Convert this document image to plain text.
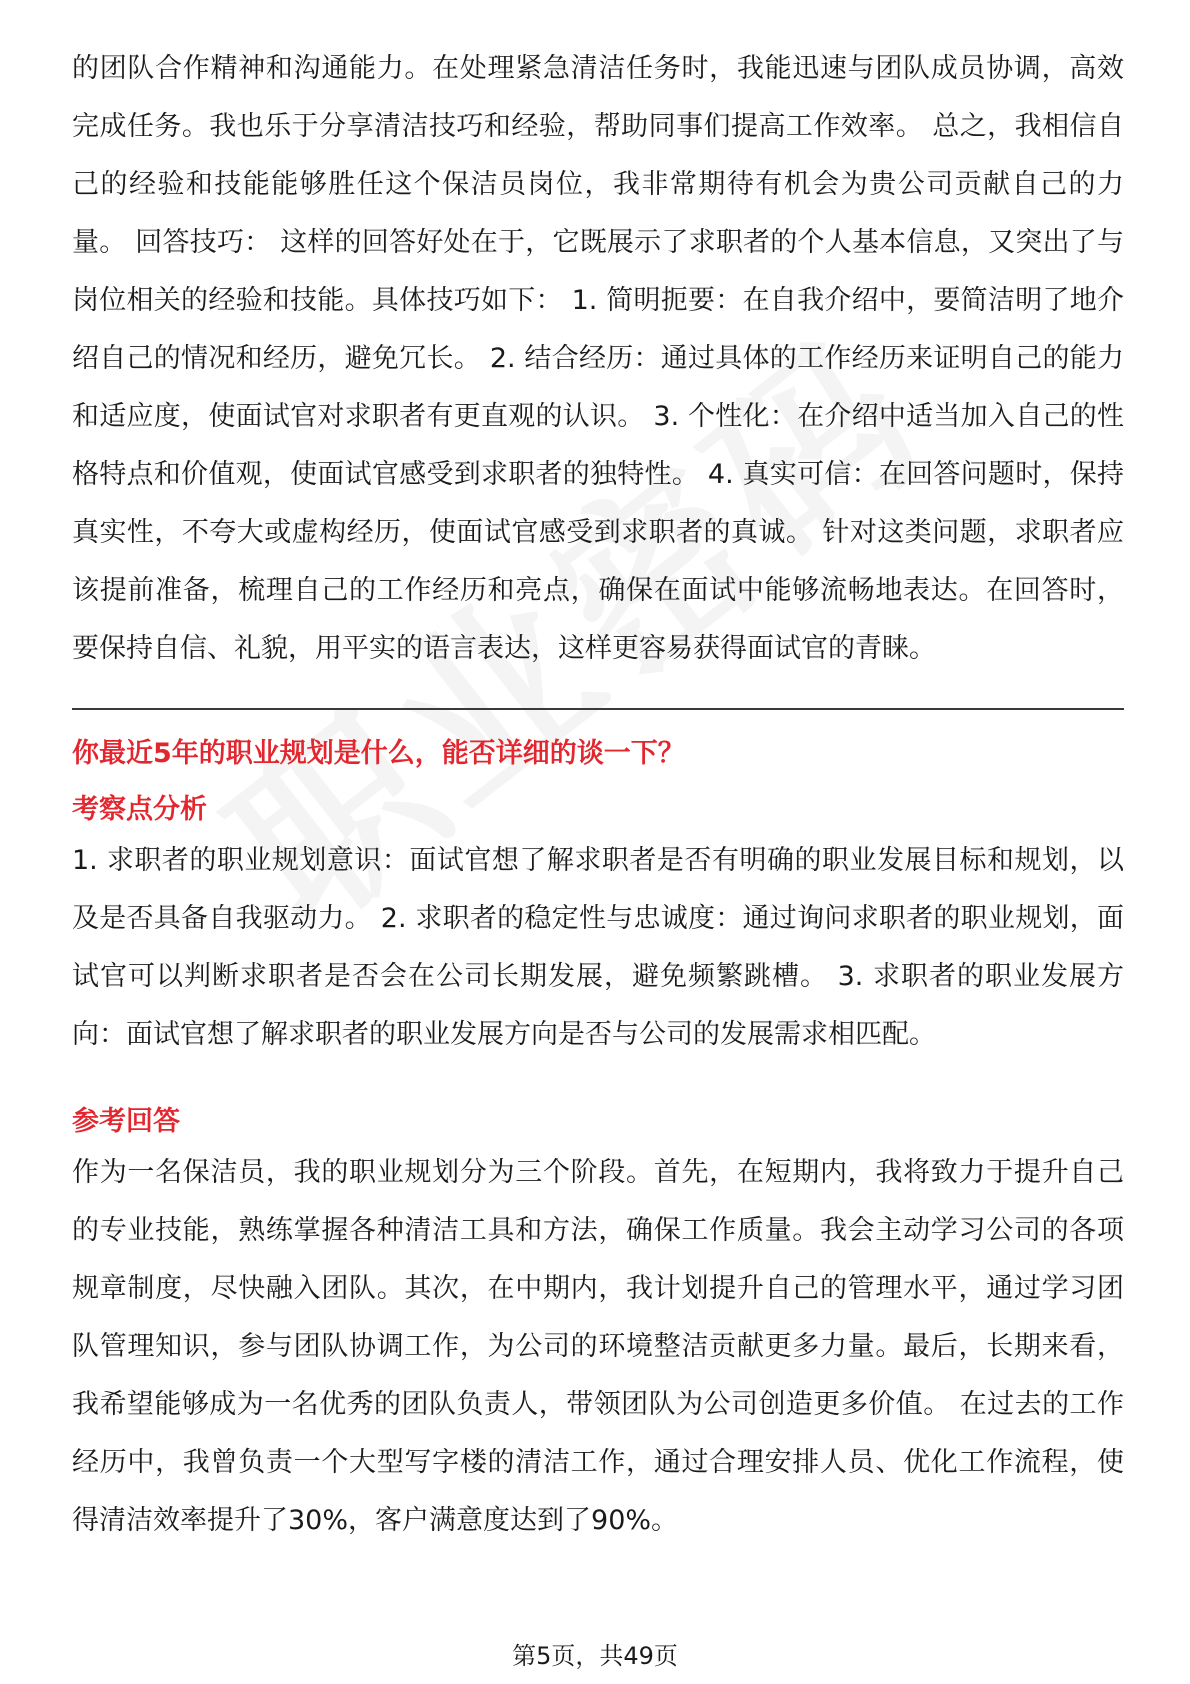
的团队合作精神和沟通能力。在处理紧急清洁任务时，我能迅速与团队成员协调，高效完成任务。我也乐于分享清洁技巧和经验，帮助同事们提高工作效率。 总之，我相信自己的经验和技能能够胜任这个保洁员岗位，我非常期待有机会为贵公司贡献自己的力量。 回答技巧： 这样的回答好处在于，它既展示了求职者的个人基本信息，又突出了与岗位相关的经验和技能。具体技巧如下： 1. 简明扼要：在自我介绍中，要简洁明了地介绍自己的情况和经历，避免冗长。 2. 结合经历：通过具体的工作经历来证明自己的能力和适应度，使面试官对求职者有更直观的认识。 3. 个性化：在介绍中适当加入自己的性格特点和价值观，使面试官感受到求职者的独特性。 4. 真实可信：在回答问题时，保持真实性，不夸大或虚构经历，使面试官感受到求职者的真诚。 针对这类问题，求职者应该提前准备，梳理自己的工作经历和亮点，确保在面试中能够流畅地表达。在回答时，要保持自信、礼貌，用平实的语言表达，这样更容易获得面试官的青睐。

你最近5年的职业规划是什么，能否详细的谈一下？

考察点分析

1. 求职者的职业规划意识：面试官想了解求职者是否有明确的职业发展目标和规划，以及是否具备自我驱动力。 2. 求职者的稳定性与忠诚度：通过询问求职者的职业规划，面试官可以判断求职者是否会在公司长期发展，避免频繁跳槽。 3. 求职者的职业发展方向：面试官想了解求职者的职业发展方向是否与公司的发展需求相匹配。

参考回答

作为一名保洁员，我的职业规划分为三个阶段。首先，在短期内，我将致力于提升自己的专业技能，熟练掌握各种清洁工具和方法，确保工作质量。我会主动学习公司的各项规章制度，尽快融入团队。其次，在中期内，我计划提升自己的管理水平，通过学习团队管理知识，参与团队协调工作，为公司的环境整洁贡献更多力量。最后，长期来看，我希望能够成为一名优秀的团队负责人，带领团队为公司创造更多价值。 在过去的工作经历中，我曾负责一个大型写字楼的清洁工作，通过合理安排人员、优化工作流程，使得清洁效率提升了30%，客户满意度达到了90%。

第5页，共49页
